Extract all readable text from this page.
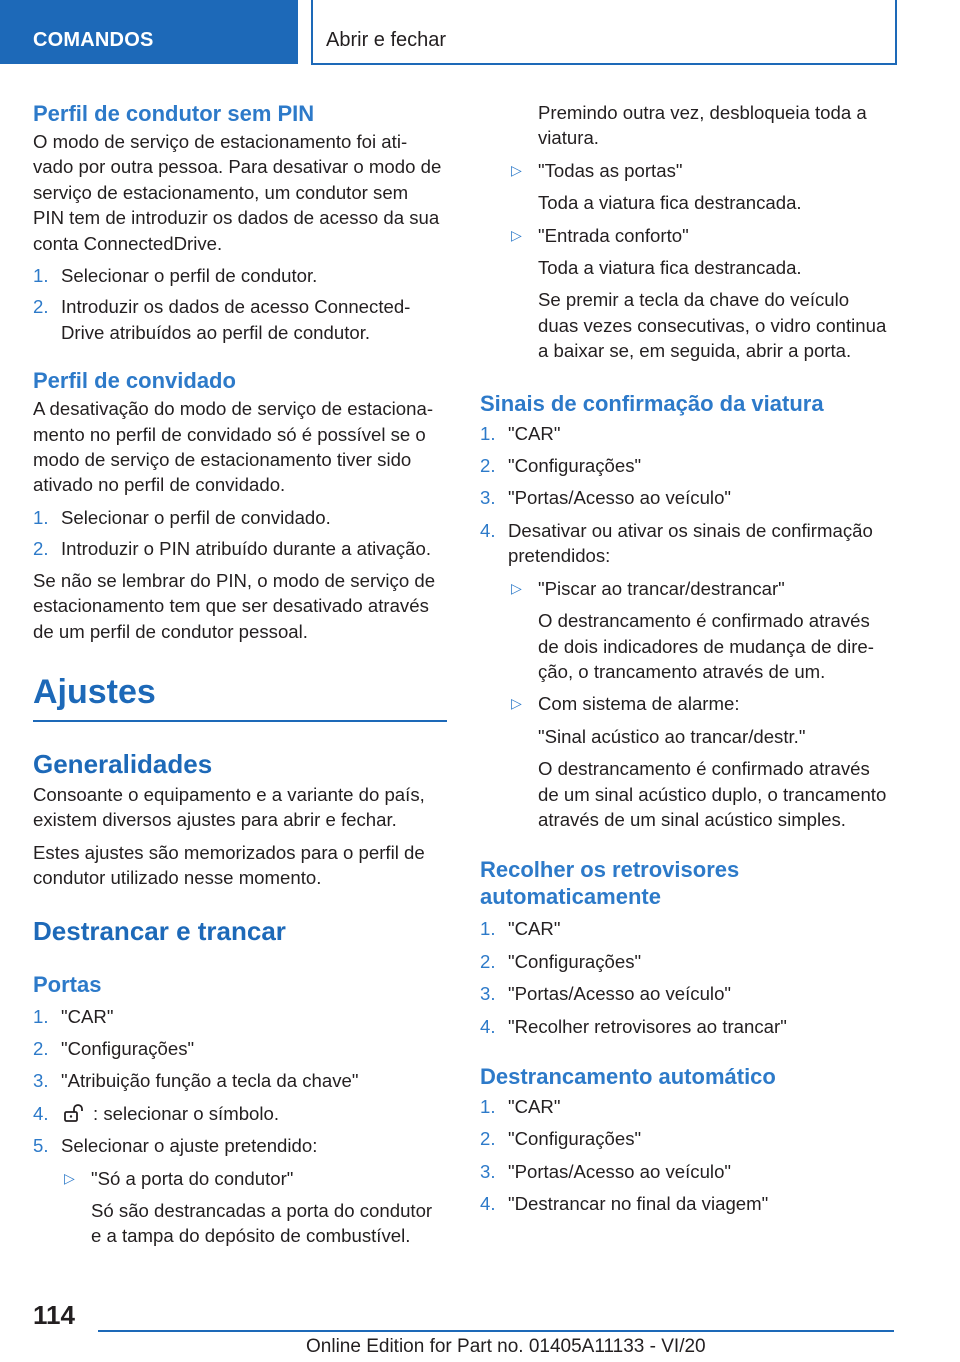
COMANDOS	Abrir e fechar
Perfil de condutor sem PIN

O modo de serviço de estacionamento foi ati-

vado por outra pessoa. Para desativar o modo de

serviço de estacionamento, um condutor sem

PIN tem de introduzir os dados de acesso da sua

conta ConnectedDrive.

1. Selecionar o perfil de condutor.
2. Introduzir os dados de acesso Connected-
Drive atribuídos ao perfil de condutor.
Perfil de convidado

A desativação do modo de serviço de estaciona-

mento no perfil de convidado só é possível se o

modo de serviço de estacionamento tiver sido

ativado no perfil de convidado.

1. Selecionar o perfil de convidado.
2. Introduzir o PIN atribuído durante a ativação.

Se não se lembrar do PIN, o modo de serviço de

estacionamento tem que ser desativado através

de um perfil de condutor pessoal.

Ajustes
Generalidades

Consoante o equipamento e a variante do país,

existem diversos ajustes para abrir e fechar.

Estes ajustes são memorizados para o perfil de

condutor utilizado nesse momento.

Destrancar e trancar
Portas
1. "CAR"
2. "Configurações"
3. "Atribuição função a tecla da chave"
4.	: selecionar o símbolo.
5. Selecionar o ajuste pretendido:
▷ "Só a porta do condutor"

Só são destrancadas a porta do condutor

e a tampa do depósito de combustível.

Premindo outra vez, desbloqueia toda a

viatura.

▷ "Todas as portas"

Toda a viatura fica destrancada.

▷ "Entrada conforto"

Toda a viatura fica destrancada.

Se premir a tecla da chave do veículo

duas vezes consecutivas, o vidro continua

a baixar se, em seguida, abrir a porta.

Sinais de confirmação da viatura
1. "CAR"
2. "Configurações"
3. "Portas/Acesso ao veículo"
4. Desativar ou ativar os sinais de confirmação
pretendidos:
▷ "Piscar ao trancar/destrancar"

O destrancamento é confirmado através

de dois indicadores de mudança de dire-

ção, o trancamento através de um.

▷ Com sistema de alarme:

"Sinal acústico ao trancar/destr."

O destrancamento é confirmado através

de um sinal acústico duplo, o trancamento

através de um sinal acústico simples.

Recolher os retrovisores
automaticamente
1. "CAR"
2. "Configurações"
3. "Portas/Acesso ao veículo"
4. "Recolher retrovisores ao trancar"
Destrancamento automático
1. "CAR"
2. "Configurações"
3. "Portas/Acesso ao veículo"
4. "Destrancar no final da viagem"
114
Online Edition for Part no. 01405A11133 - VI/20
